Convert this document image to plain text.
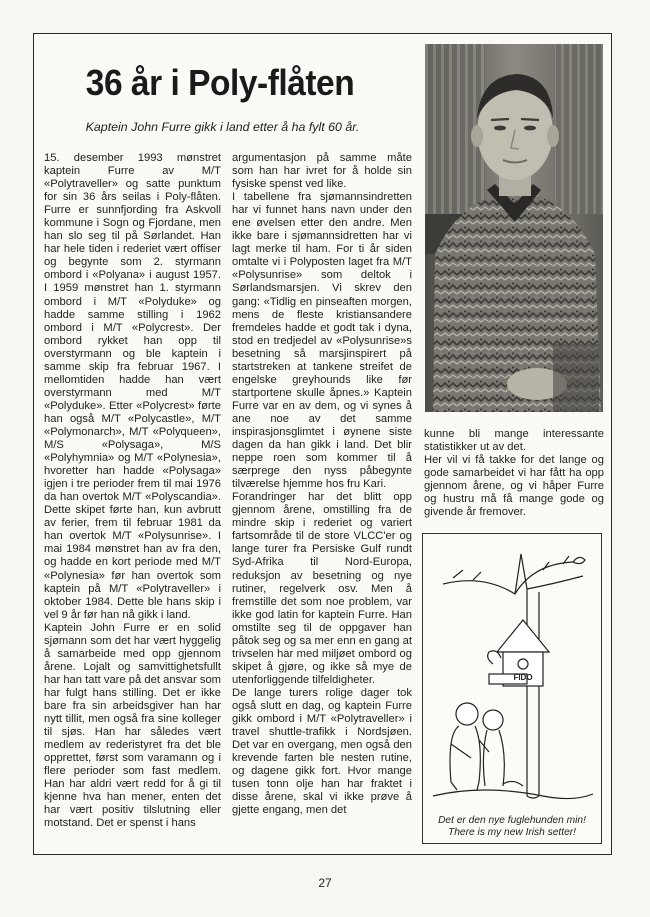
36 år i Poly-flåten

Kaptein John Furre gikk i land etter å ha fylt 60 år.

15. desember 1993 mønstret kaptein Furre av M/T «Polytraveller» og satte punktum for sin 36 års seilas i Poly-flåten. Furre er sunnfjording fra Askvoll kommune i Sogn og Fjordane, men han slo seg til på Sørlandet. Han har hele tiden i rederiet vært offiser og begynte som 2. styrmann ombord i «Polyana» i august 1957. I 1959 mønstret han 1. styrmann ombord i M/T «Polyduke» og hadde samme stilling i 1962 ombord i M/T «Polycrest». Der ombord rykket han opp til overstyrmann og ble kaptein i samme skip fra februar 1967. I mellomtiden hadde han vært overstyrmann med M/T «Polyduke». Etter «Polycrest» førte han også M/T «Polycastle», M/T «Polymonarch», M/T «Polyqueen», M/S «Polysaga», M/S «Polyhymnia» og M/T «Polynesia», hvoretter han hadde «Polysaga» igjen i tre perioder frem til mai 1976 da han overtok M/T «Polyscandia». Dette skipet førte han, kun avbrutt av ferier, frem til februar 1981 da han overtok M/T «Polysunrise». I mai 1984 mønstret han av fra den, og hadde en kort periode med M/T «Polynesia» før han overtok som kaptein på M/T «Polytraveller» i oktober 1984. Dette ble hans skip i vel 9 år før han nå gikk i land.

Kaptein John Furre er en solid sjømann som det har vært hyggelig å samarbeide med opp gjennom årene. Lojalt og samvittighetsfullt har han tatt vare på det ansvar som har fulgt hans stilling. Det er ikke bare fra sin arbeidsgiver han har nytt tillit, men også fra sine kolleger til sjøs. Han har således vært medlem av rederistyret fra det ble opprettet, først som varamann og i flere perioder som fast medlem. Han har aldri vært redd for å gi til kjenne hva han mener, enten det har vært positiv tilslutning eller motstand. Det er spenst i hans

argumentasjon på samme måte som han har ivret for å holde sin fysiske spenst ved like.

I tabellene fra sjømannsindretten har vi funnet hans navn under den ene øvelsen etter den andre. Men ikke bare i sjømannsidretten har vi lagt merke til ham. For ti år siden omtalte vi i Polyposten laget fra M/T «Polysunrise» som deltok i Sørlandsmarsjen. Vi skrev den gang: «Tidlig en pinseaften morgen, mens de fleste kristiansandere fremdeles hadde et godt tak i dyna, stod en tredjedel av «Polysunrise»s besetning så marsjinspirert på startstreken at tankene streifet de engelske greyhounds like før startportene skulle åpnes.» Kaptein Furre var en av dem, og vi synes å ane noe av det samme inspirasjonsglimtet i øynene siste dagen da han gikk i land. Det blir neppe roen som kommer til å særprege den nyss påbegynte tilværelse hjemme hos fru Kari.

Forandringer har det blitt opp gjennom årene, omstilling fra de mindre skip i rederiet og variert fartsområde til de store VLCC'er og lange turer fra Persiske Gulf rundt Syd-Afrika til Nord-Europa, reduksjon av besetning og nye rutiner, regelverk osv. Men å fremstille det som noe problem, var ikke god latin for kaptein Furre. Han omstilte seg til de oppgaver han påtok seg og sa mer enn en gang at trivselen har med miljøet ombord og skipet å gjøre, og ikke så mye de utenforliggende tilfeldigheter.

De lange turers rolige dager tok også slutt en dag, og kaptein Furre gikk ombord i M/T «Polytraveller» i travel shuttle-trafikk i Nordsjøen. Det var en overgang, men også den krevende farten ble nesten rutine, og dagene gikk fort. Hvor mange tusen tonn olje han har fraktet i disse årene, skal vi ikke prøve å gjette engang, men det

kunne bli mange interessante statistikker ut av det.

Her vil vi få takke for det lange og gode samarbeidet vi har fått ha opp gjennom årene, og vi håper Furre og hustru må få mange gode og givende år fremover.

FIDO
Det er den nye fuglehunden min!
There is my new Irish setter!
27
